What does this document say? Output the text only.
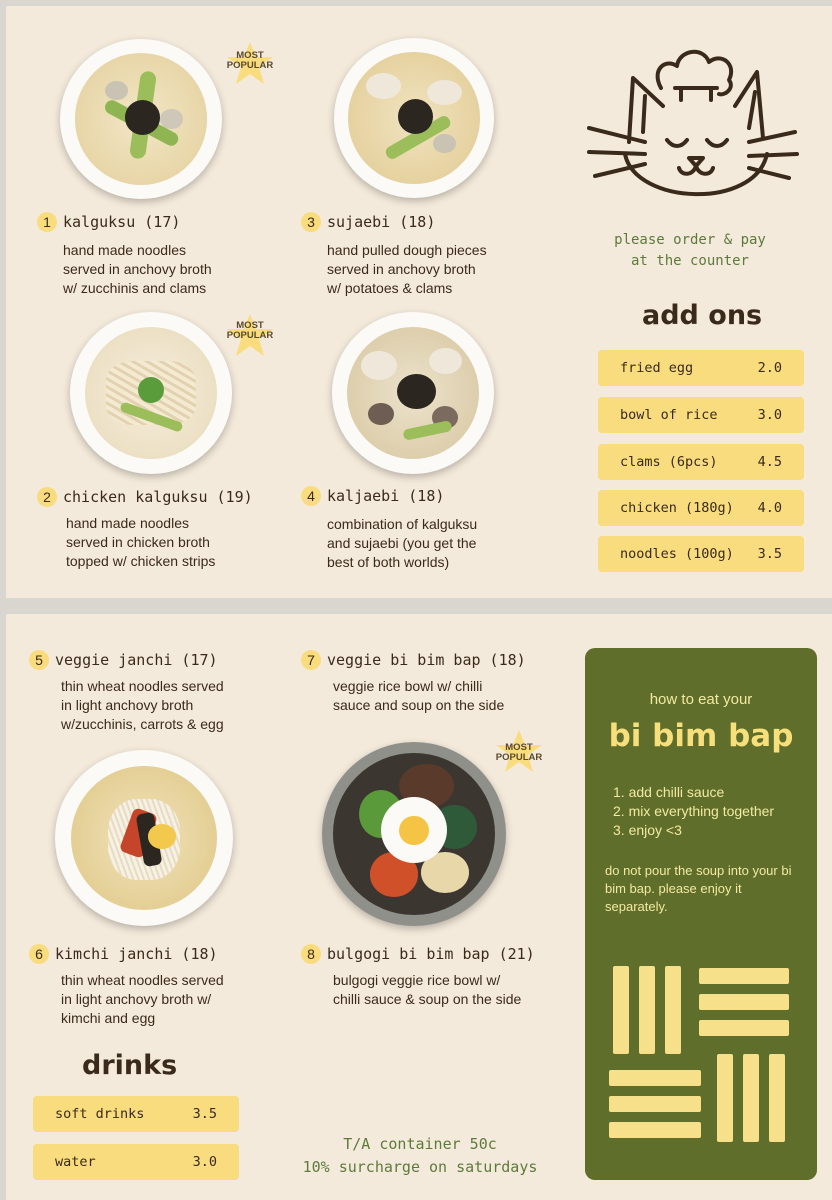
MOST
POPULAR
1 kalguksu (17)
hand made noodles
served in anchovy broth
w/ zucchinis and clams
3 sujaebi (18)
hand pulled dough pieces
served in anchovy broth
w/ potatoes & clams
please order & pay
at the counter
add ons
fried egg	2.0
bowl of rice	3.0
clams (6pcs)	4.5
chicken (180g) 4.0
noodles (100g) 3.5
MOST
POPULAR
2 chicken kalguksu (19)
hand made noodles
served in chicken broth
topped w/ chicken strips
4 kaljaebi (18)
combination of kalguksu
and sujaebi (you get the
best of both worlds)
5 veggie janchi (17)
thin wheat noodles served
in light anchovy broth
w/zucchinis, carrots & egg
7 veggie bi bim bap (18)
veggie rice bowl w/ chilli
sauce and soup on the side
MOST
POPULAR
6 kimchi janchi (18)
thin wheat noodles served
in light anchovy broth w/
kimchi and egg
8 bulgogi bi bim bap (21)
bulgogi veggie rice bowl w/
chilli sauce & soup on the side
drinks
soft drinks	3.5
water	3.0
T/A container 50c
10% surcharge on saturdays
how to eat your
bi bim bap
1. add chilli sauce
2. mix everything together
3. enjoy <3
do not pour the soup into your bi bim bap. please enjoy it separately.
